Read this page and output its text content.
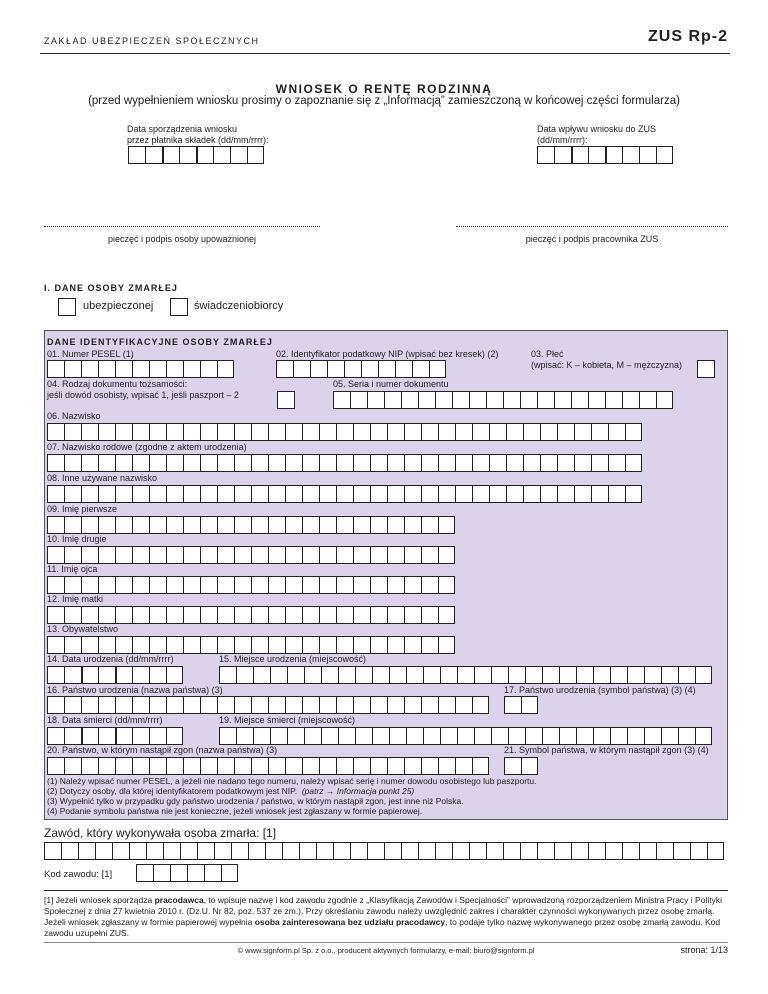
ZAKŁAD UBEZPIECZEŃ SPOŁECZNYCH	ZUS Rp-2
WNIOSEK O RENTĘ RODZINNĄ
(przed wypełnieniem wniosku prosimy o zapoznanie się z „Informacją” zamieszczoną w końcowej części formularza)
Data sporządzenia wniosku
przez płatnika składek (dd/mm/rrrr):
Data wpływu wniosku do ZUS
(dd/mm/rrrr):
pieczęć i podpis osoby upoważnionej	pieczęć i podpis pracownika ZUS
I. DANE OSOBY ZMARŁEJ
ubezpieczonej	świadczeniobiorcy
DANE IDENTYFIKACYJNE OSOBY ZMARŁEJ
01. Numer PESEL (1)	02. Identyfikator podatkowy NIP (wpisać bez kresek) (2)	03. Płeć
(wpisać: K – kobieta, M – mężczyzna)
04. Rodzaj dokumentu tożsamości:
jeśli dowód osobisty, wpisać 1, jeśli paszport – 2
05. Seria i numer dokumentu
06. Nazwisko
07. Nazwisko rodowe (zgodne z aktem urodzenia)
08. Inne używane nazwisko
09. Imię pierwsze
10. Imię drugie
11. Imię ojca
12. Imię matki
13. Obywatelstwo
14. Data urodzenia (dd/mm/rrrr)	15. Miejsce urodzenia (miejscowość)
16. Państwo urodzenia (nazwa państwa) (3)	17. Państwo urodzenia (symbol państwa) (3) (4)
18. Data śmierci (dd/mm/rrrr)	19. Miejsce śmierci (miejscowość)
20. Państwo, w którym nastąpił zgon (nazwa państwa) (3)	21. Symbol państwa, w którym nastąpił zgon (3) (4)
(1) Należy wpisać numer PESEL, a jeżeli nie nadano tego numeru, należy wpisać serię i numer dowodu osobistego lub paszportu.
(2) Dotyczy osoby, dla której identyfikatorem podatkowym jest NIP. (patrz → Informacja punkt 25)
(3) Wypełnić tylko w przypadku gdy państwo urodzenia / państwo, w którym nastąpił zgon, jest inne niż Polska.
(4) Podanie symbolu państwa nie jest konieczne, jeżeli wniosek jest zgłaszany w formie papierowej.
Zawód, który wykonywała osoba zmarła: [1]
Kod zawodu: [1]
[1] Jeżeli wniosek sporządza pracodawca, to wpisuje nazwę i kod zawodu zgodnie z „Klasyfikacją Zawodów i Specjalności” wprowadzoną rozporządzeniem Ministra Pracy i Polityki Społecznej z dnia 27 kwietnia 2010 r. (Dz.U. Nr 82, poz. 537 ze zm.). Przy określaniu zawodu należy uwzględnić zakres i charakter czynności wykonywanych przez osobę zmarłą. Jeżeli wniosek zgłaszany w formie papierowej wypełnia osoba zainteresowana bez udziału pracodawcy, to podaje tylko nazwę wykonywanego przez osobę zmarłą zawodu. Kod zawodu uzupełni ZUS.
© www.signform.pl Sp. z o.o., producent aktywnych formularzy, e-mail: biuro@signform.pl	strona: 1/13
